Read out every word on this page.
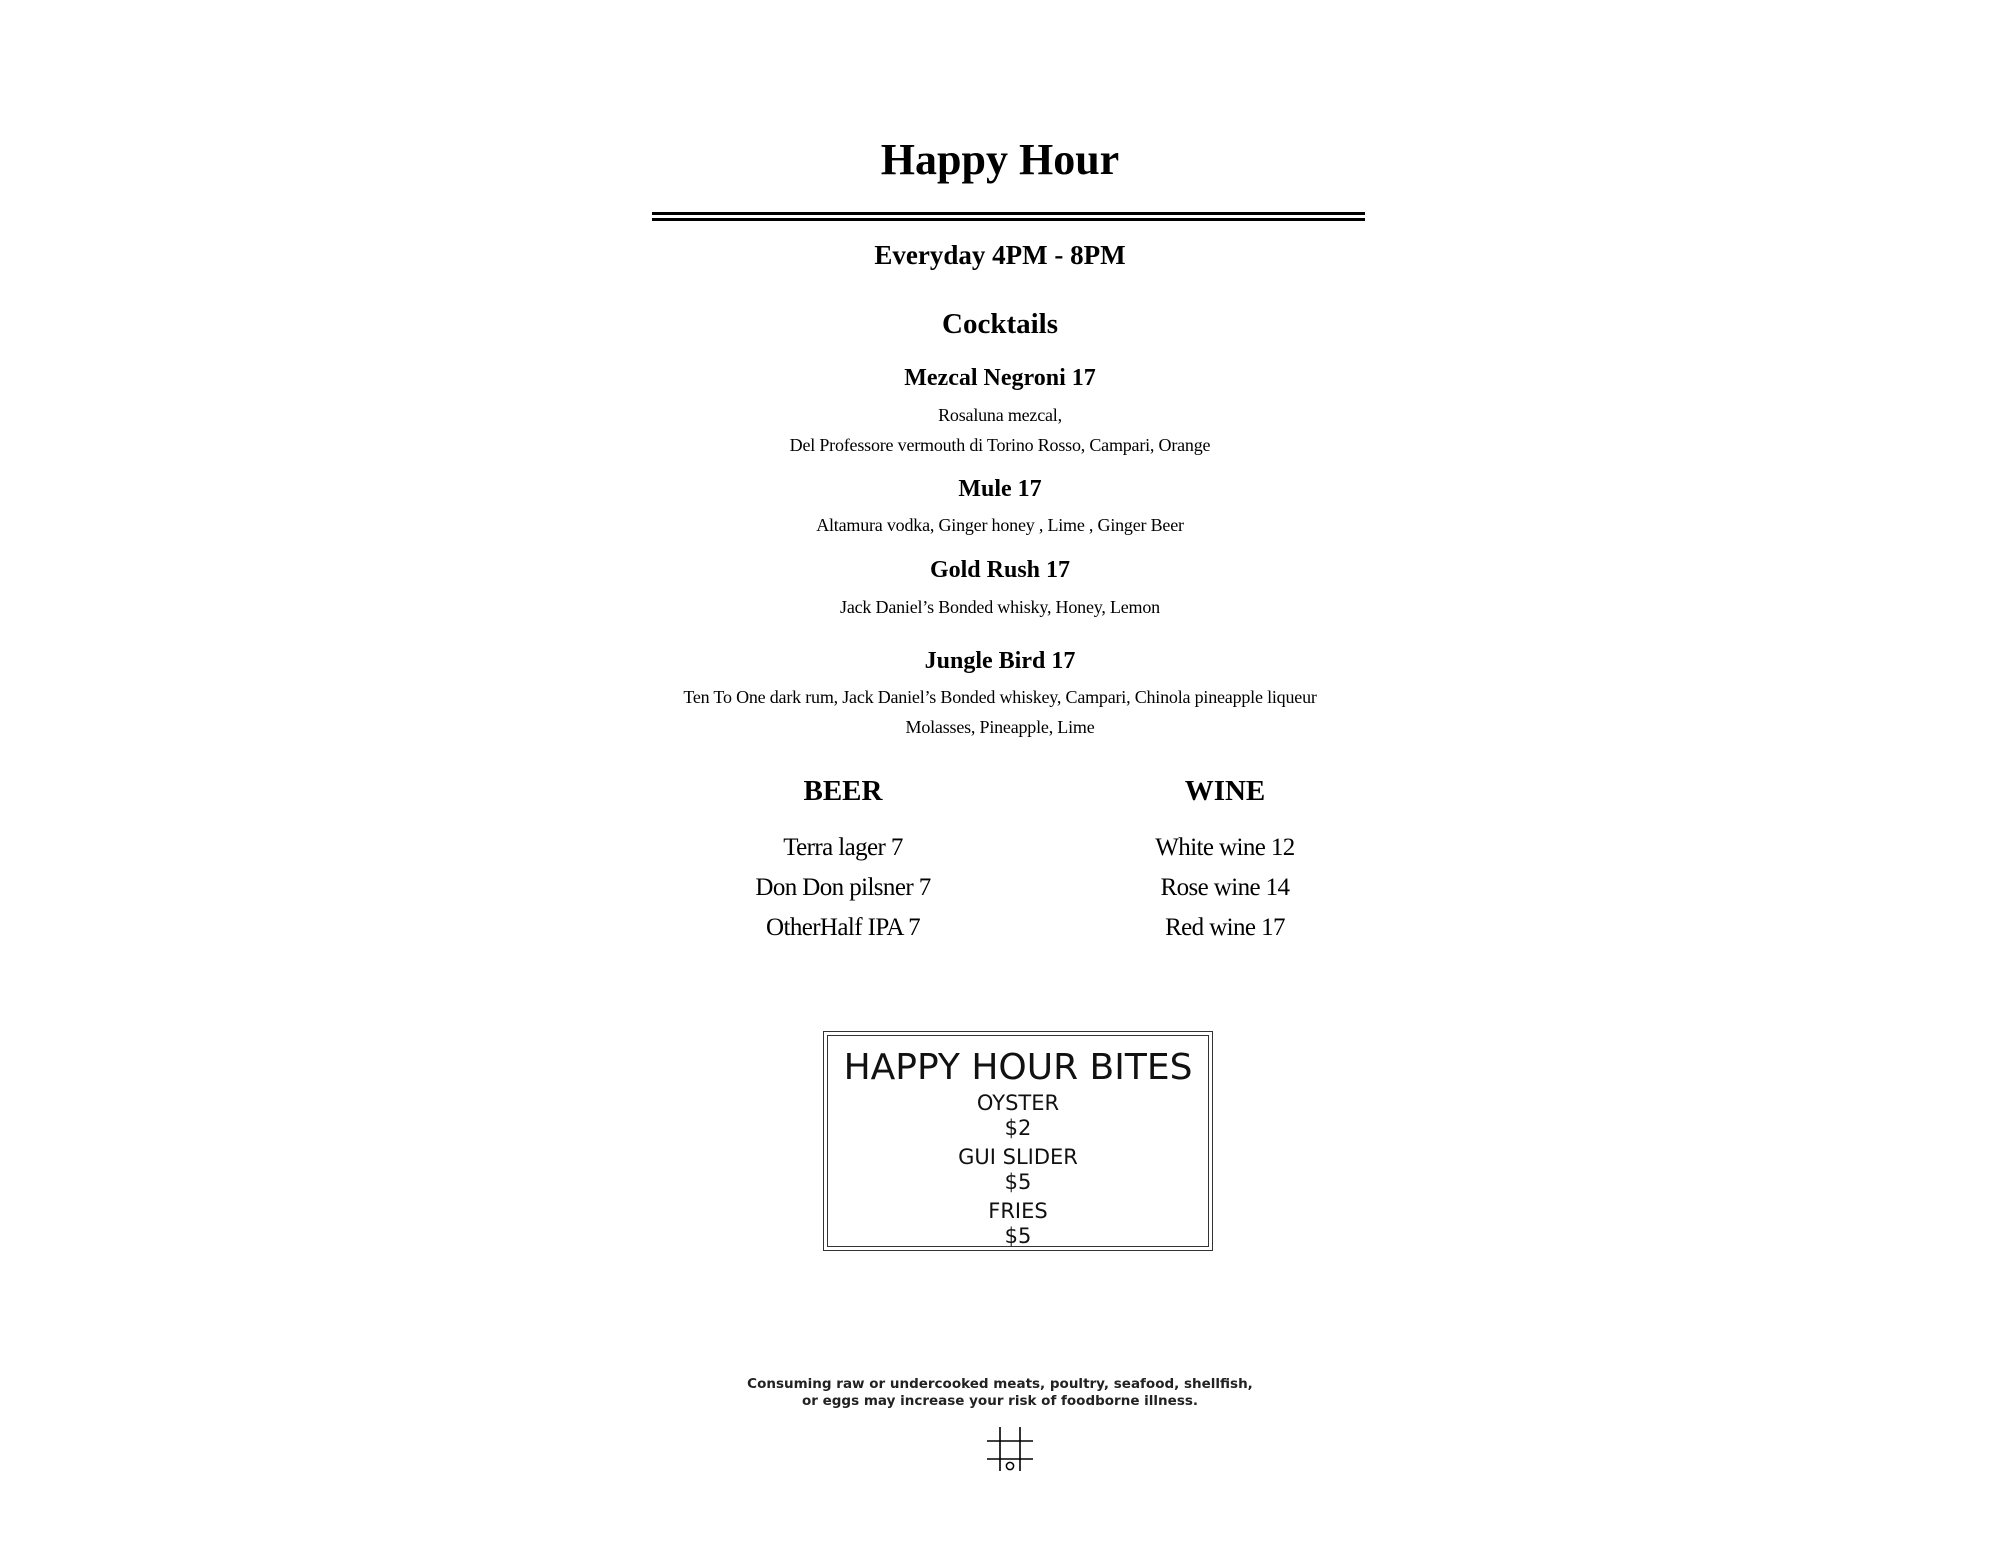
Happy Hour
Everyday 4PM - 8PM
Cocktails
Mezcal Negroni 17
Rosaluna mezcal,
Del Professore vermouth di Torino Rosso, Campari, Orange
Mule 17
Altamura vodka, Ginger honey , Lime , Ginger Beer
Gold Rush 17
Jack Daniel’s Bonded whisky, Honey, Lemon
Jungle Bird 17
Ten To One dark rum, Jack Daniel’s Bonded whiskey, Campari, Chinola pineapple liqueur
Molasses, Pineapple, Lime
BEER
Terra lager 7
Don Don pilsner 7
OtherHalf IPA 7
WINE
White wine 12
Rose wine 14
Red wine 17
HAPPY HOUR BITES
OYSTER
$2
GUI SLIDER
$5
FRIES
$5
Consuming raw or undercooked meats, poultry, seafood, shellfish,
or eggs may increase your risk of foodborne illness.
